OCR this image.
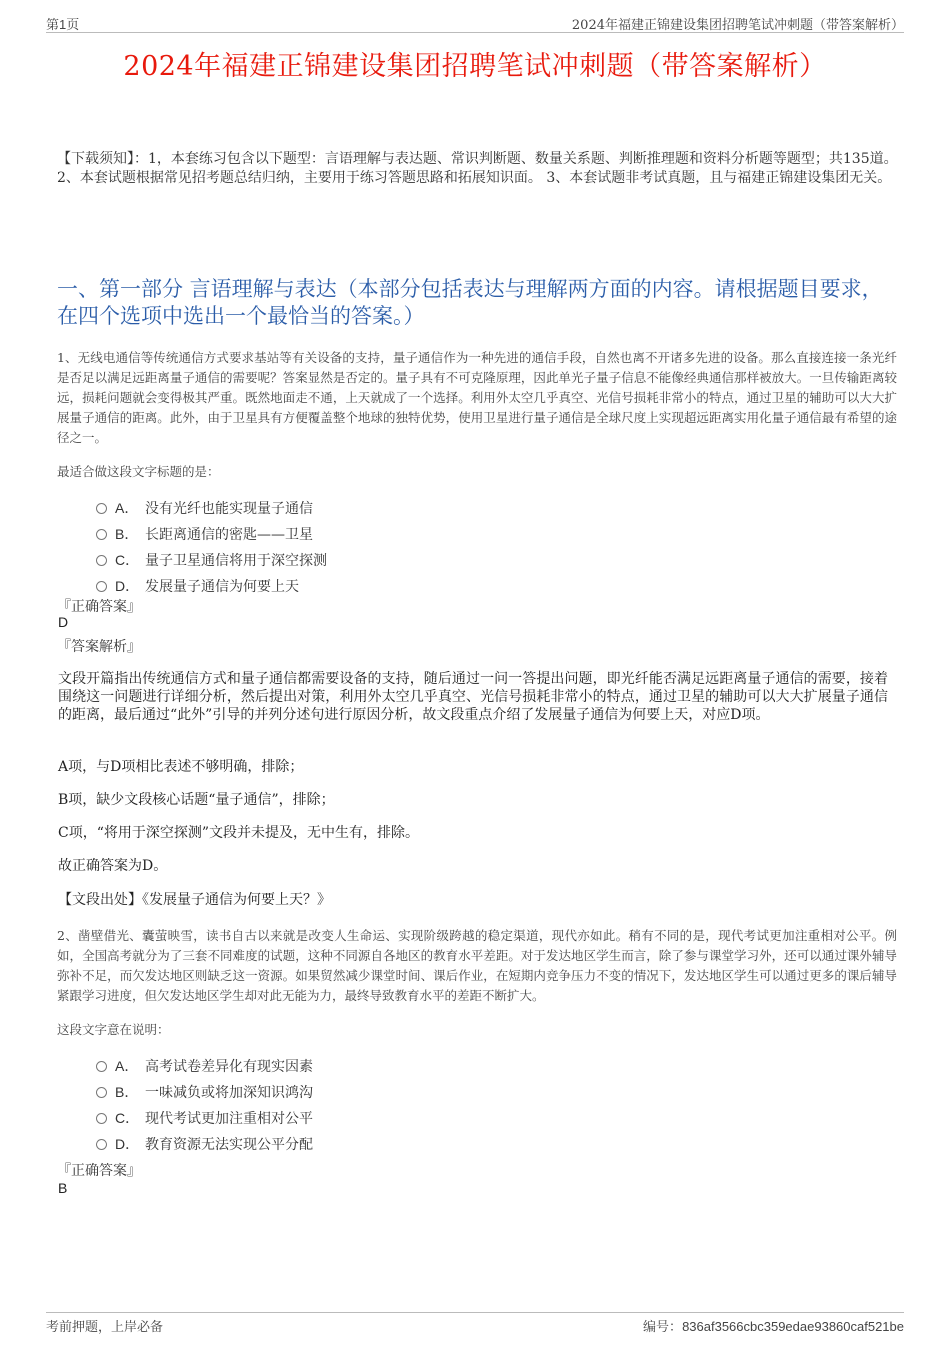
第1页	2024年福建正锦建设集团招聘笔试冲刺题（带答案解析）
2024年福建正锦建设集团招聘笔试冲刺题（带答案解析）
【下载须知】：1，本套练习包含以下题型：言语理解与表达题、常识判断题、数量关系题、判断推理题和资料分析题等题型；共135道。 2、本套试题根据常见招考题总结归纳，主要用于练习答题思路和拓展知识面。 3、本套试题非考试真题，且与福建正锦建设集团无关。
一、第一部分 言语理解与表达（本部分包括表达与理解两方面的内容。请根据题目要求，在四个选项中选出一个最恰当的答案。）
1、无线电通信等传统通信方式要求基站等有关设备的支持，量子通信作为一种先进的通信手段，自然也离不开诸多先进的设备。那么直接连接一条光纤是否足以满足远距离量子通信的需要呢？答案显然是否定的。量子具有不可克隆原理，因此单光子量子信息不能像经典通信那样被放大。一旦传输距离较远，损耗问题就会变得极其严重。既然地面走不通，上天就成了一个选择。利用外太空几乎真空、光信号损耗非常小的特点，通过卫星的辅助可以大大扩展量子通信的距离。此外，由于卫星具有方便覆盖整个地球的独特优势，使用卫星进行量子通信是全球尺度上实现超远距离实用化量子通信最有希望的途径之一。
最适合做这段文字标题的是：
A． 没有光纤也能实现量子通信
B． 长距离通信的密匙——卫星
C． 量子卫星通信将用于深空探测
D． 发展量子通信为何要上天
『正确答案』
D
『答案解析』
文段开篇指出传统通信方式和量子通信都需要设备的支持，随后通过一问一答提出问题，即光纤能否满足远距离量子通信的需要，接着围绕这一问题进行详细分析，然后提出对策，利用外太空几乎真空、光信号损耗非常小的特点，通过卫星的辅助可以大大扩展量子通信的距离，最后通过“此外”引导的并列分述句进行原因分析，故文段重点介绍了发展量子通信为何要上天，对应D项。
A项，与D项相比表述不够明确，排除；
B项，缺少文段核心话题“量子通信”，排除；
C项，“将用于深空探测”文段并未提及，无中生有，排除。
故正确答案为D。
【文段出处】《发展量子通信为何要上天？》
2、凿壁借光、囊萤映雪，读书自古以来就是改变人生命运、实现阶级跨越的稳定渠道，现代亦如此。稍有不同的是，现代考试更加注重相对公平。例如，全国高考就分为了三套不同难度的试题，这种不同源自各地区的教育水平差距。对于发达地区学生而言，除了参与课堂学习外，还可以通过课外辅导弥补不足，而欠发达地区则缺乏这一资源。如果贸然减少课堂时间、课后作业，在短期内竞争压力不变的情况下，发达地区学生可以通过更多的课后辅导紧跟学习进度，但欠发达地区学生却对此无能为力，最终导致教育水平的差距不断扩大。
这段文字意在说明：
A． 高考试卷差异化有现实因素
B． 一味减负或将加深知识鸿沟
C． 现代考试更加注重相对公平
D． 教育资源无法实现公平分配
『正确答案』
B
考前押题，上岸必备	编号：836af3566cbc359edae93860caf521be
